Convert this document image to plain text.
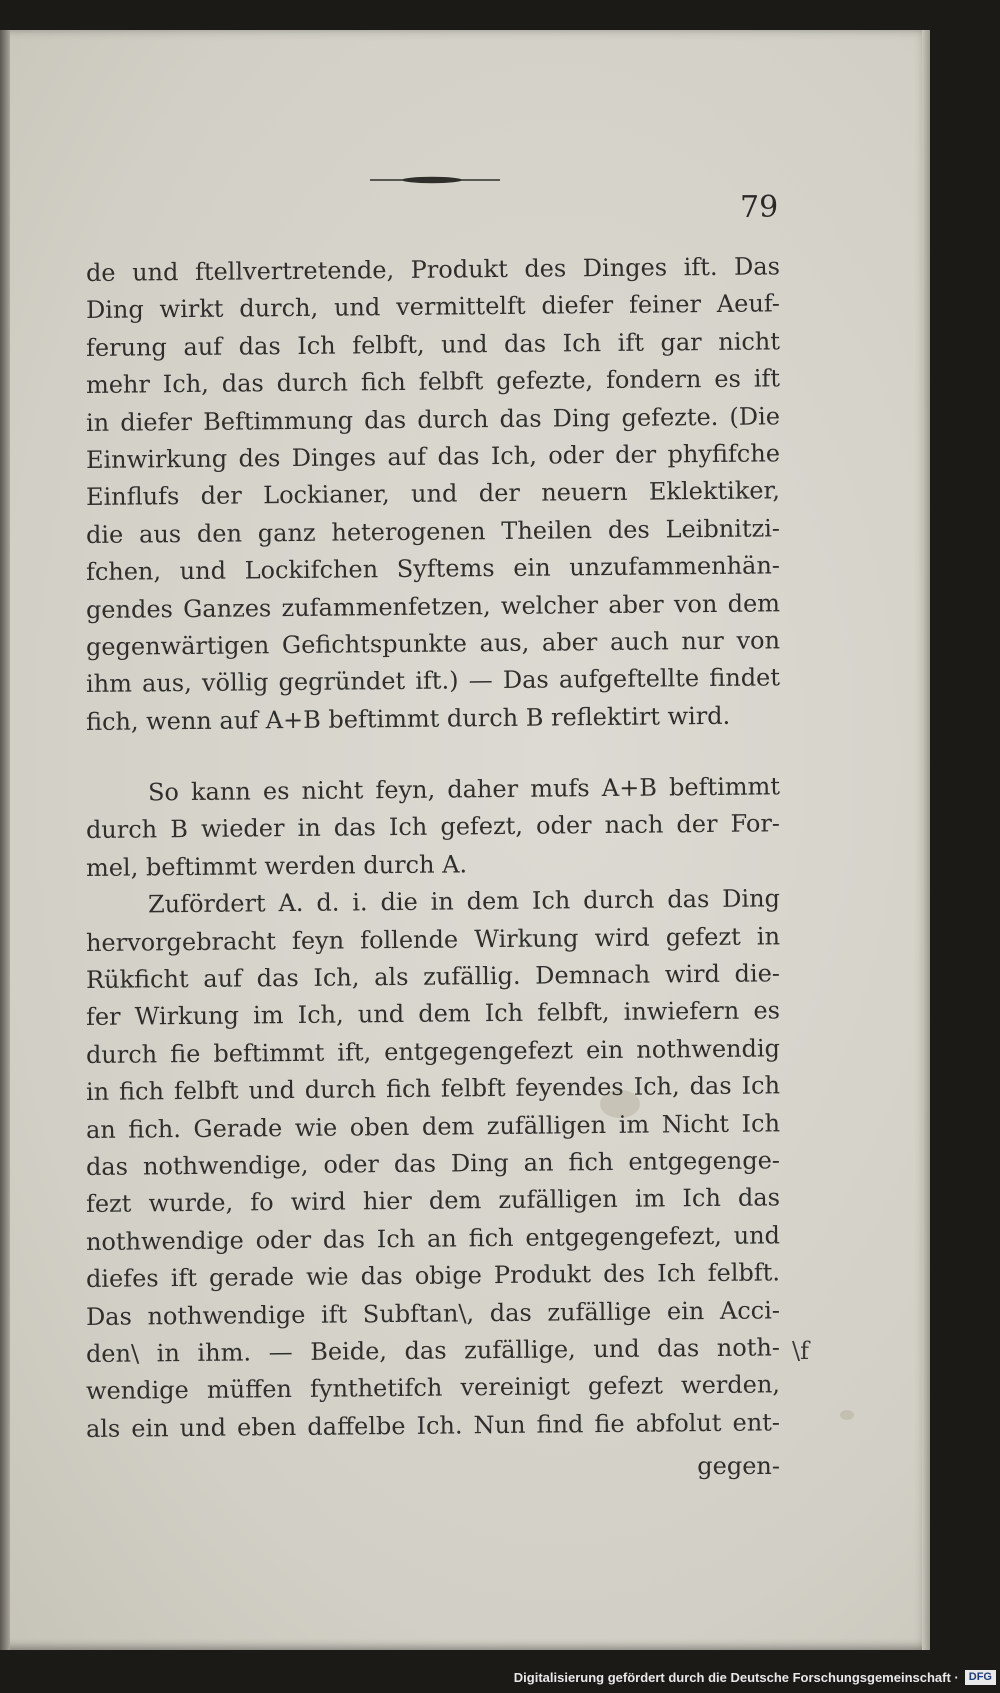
79
de und ftellvertretende, Produkt des Dinges ift. Das
Ding wirkt durch, und vermittelft diefer feiner Aeuf-
ferung auf das Ich felbft, und das Ich ift gar nicht
mehr Ich, das durch fich felbft gefezte, fondern es ift
in diefer Beftimmung das durch das Ding gefezte. (Die
Einwirkung des Dinges auf das Ich, oder der phyfifche
Einflufs der Lockianer, und der neuern Eklektiker,
die aus den ganz heterogenen Theilen des Leibnitzi-
fchen, und Lockifchen Syftems ein unzufammenhän-
gendes Ganzes zufammenfetzen, welcher aber von dem
gegenwärtigen Gefichtspunkte aus, aber auch nur von
ihm aus, völlig gegründet ift.) — Das aufgeftellte findet
fich, wenn auf A+B beftimmt durch B reflektirt wird.
So kann es nicht feyn, daher mufs A+B beftimmt
durch B wieder in das Ich gefezt, oder nach der For-
mel, beftimmt werden durch A.
Zufördert A. d. i. die in dem Ich durch das Ding
hervorgebracht feyn follende Wirkung wird gefezt in
Rükficht auf das Ich, als zufällig. Demnach wird die-
fer Wirkung im Ich, und dem Ich felbft, inwiefern es
durch fie beftimmt ift, entgegengefezt ein nothwendig
in fich felbft und durch fich felbft feyendes Ich, das Ich
an fich. Gerade wie oben dem zufälligen im Nicht Ich
das nothwendige, oder das Ding an fich entgegenge-
fezt wurde, fo wird hier dem zufälligen im Ich das
nothwendige oder das Ich an fich entgegengefezt, und
diefes ift gerade wie das obige Produkt des Ich felbft.
Das nothwendige ift Subftan\, das zufällige ein Acci-
den\ in ihm. — Beide, das zufällige, und das noth-
wendige müffen fynthetifch vereinigt gefezt werden,
als ein und eben daffelbe Ich. Nun find fie abfolut ent-
gegen-
\f
Digitalisierung gefördert durch die Deutsche Forschungsgemeinschaft · DFG
